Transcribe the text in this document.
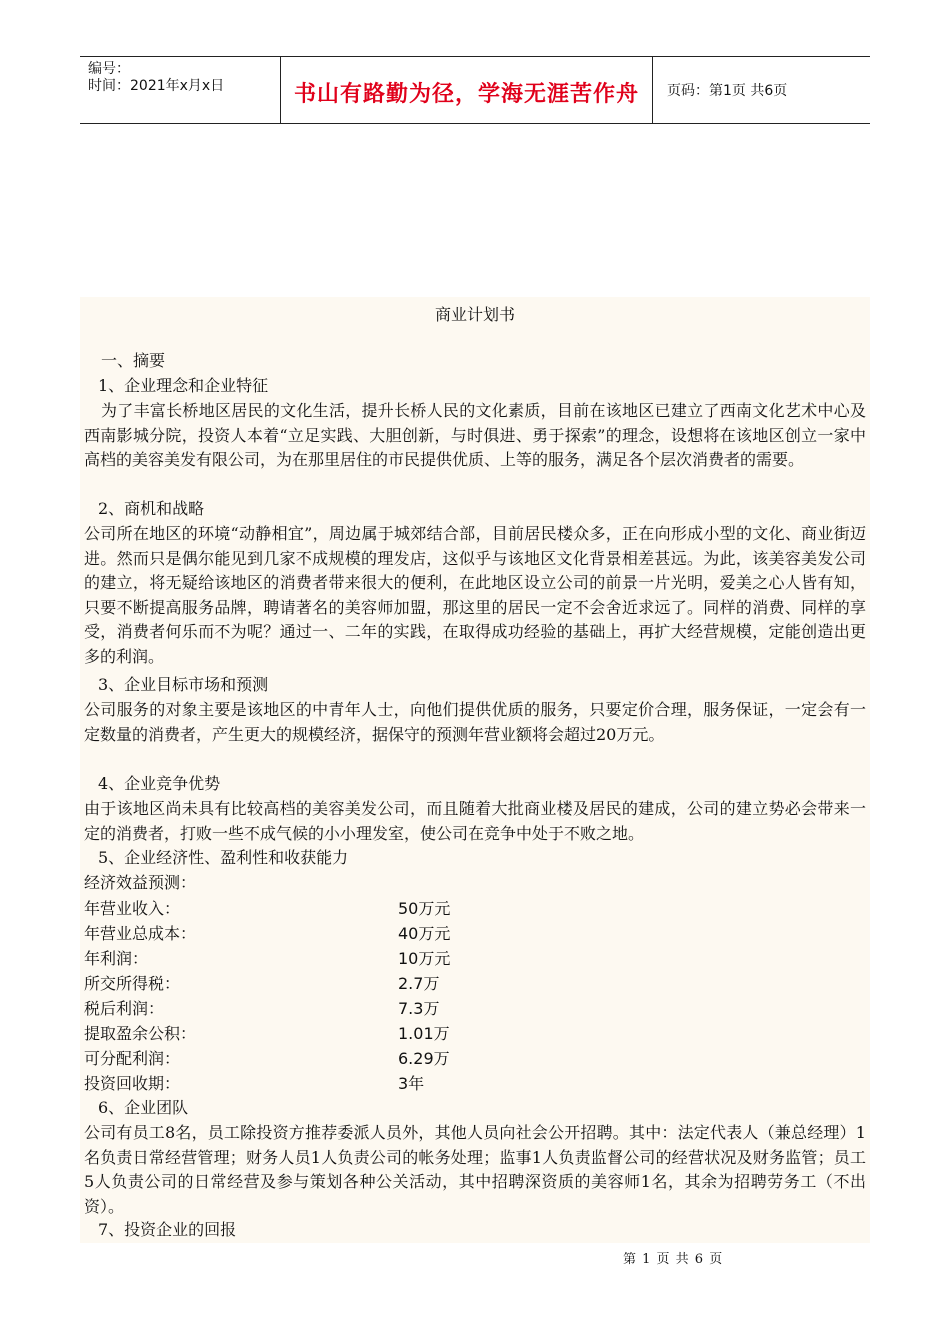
编号：
时间：2021年x月x日	书山有路勤为径，学海无涯苦作舟	页码：第1页 共6页
商业计划书

一、摘要

1、企业理念和企业特征

为了丰富长桥地区居民的文化生活，提升长桥人民的文化素质，目前在该地区已建立了西南文化艺术中心及西南影城分院，投资人本着“立足实践、大胆创新，与时俱进、勇于探索”的理念，设想将在该地区创立一家中高档的美容美发有限公司，为在那里居住的市民提供优质、上等的服务，满足各个层次消费者的需要。

2、商机和战略

公司所在地区的环境“动静相宜”，周边属于城郊结合部，目前居民楼众多，正在向形成小型的文化、商业街迈进。然而只是偶尔能见到几家不成规模的理发店，这似乎与该地区文化背景相差甚远。为此，该美容美发公司的建立，将无疑给该地区的消费者带来很大的便利，在此地区设立公司的前景一片光明，爱美之心人皆有知，只要不断提高服务品牌，聘请著名的美容师加盟，那这里的居民一定不会舍近求远了。同样的消费、同样的享受，消费者何乐而不为呢？通过一、二年的实践，在取得成功经验的基础上，再扩大经营规模，定能创造出更多的利润。

3、企业目标市场和预测

公司服务的对象主要是该地区的中青年人士，向他们提供优质的服务，只要定价合理，服务保证，一定会有一定数量的消费者，产生更大的规模经济，据保守的预测年营业额将会超过20万元。

4、企业竞争优势

由于该地区尚未具有比较高档的美容美发公司，而且随着大批商业楼及居民的建成，公司的建立势必会带来一定的消费者，打败一些不成气候的小小理发室，使公司在竞争中处于不败之地。

5、企业经济性、盈利性和收获能力

经济效益预测：

年营业收入：	50万元
年营业总成本：	40万元
年利润：	10万元
所交所得税：	2.7万
税后利润：	7.3万
提取盈余公积：	1.01万
可分配利润：	6.29万
投资回收期：	3年

6、企业团队

公司有员工8名，员工除投资方推荐委派人员外，其他人员向社会公开招聘。其中：法定代表人（兼总经理）1名负责日常经营管理；财务人员1人负责公司的帐务处理；监事1人负责监督公司的经营状况及财务监管；员工5人负责公司的日常经营及参与策划各种公关活动，其中招聘深资质的美容师1名，其余为招聘劳务工（不出资）。

7、投资企业的回报

第 1 页 共 6 页
